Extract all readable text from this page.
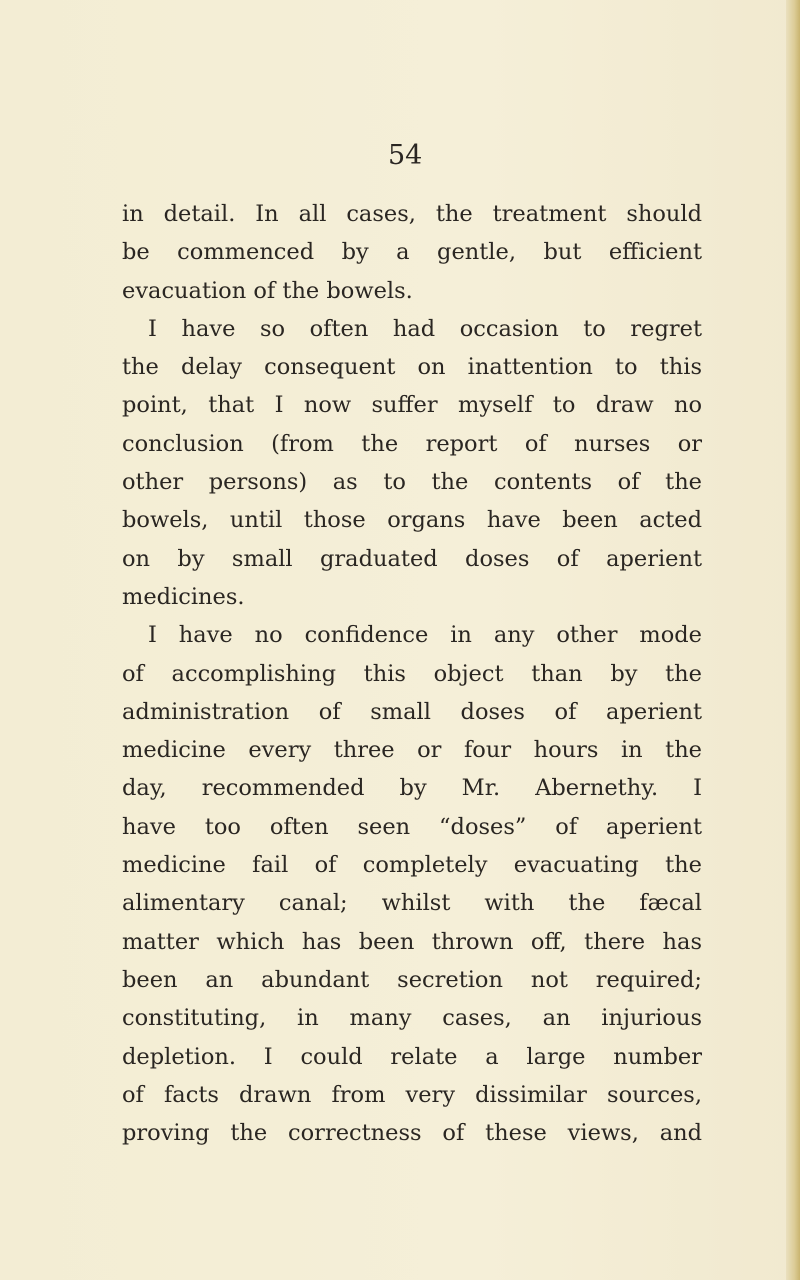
54
in detail. In all cases, the treatment should
be commenced by a gentle, but efficient
evacuation of the bowels.
I have so often had occasion to regret
the delay consequent on inattention to this
point, that I now suffer myself to draw no
conclusion (from the report of nurses or
other persons) as to the contents of the
bowels, until those organs have been acted
on by small graduated doses of aperient
medicines.
I have no confidence in any other mode
of accomplishing this object than by the
administration of small doses of aperient
medicine every three or four hours in the
day, recommended by Mr. Abernethy. I
have too often seen “doses” of aperient
medicine fail of completely evacuating the
alimentary canal; whilst with the fæcal
matter which has been thrown off, there has
been an abundant secretion not required;
constituting, in many cases, an injurious
depletion. I could relate a large number
of facts drawn from very dissimilar sources,
proving the correctness of these views, and
